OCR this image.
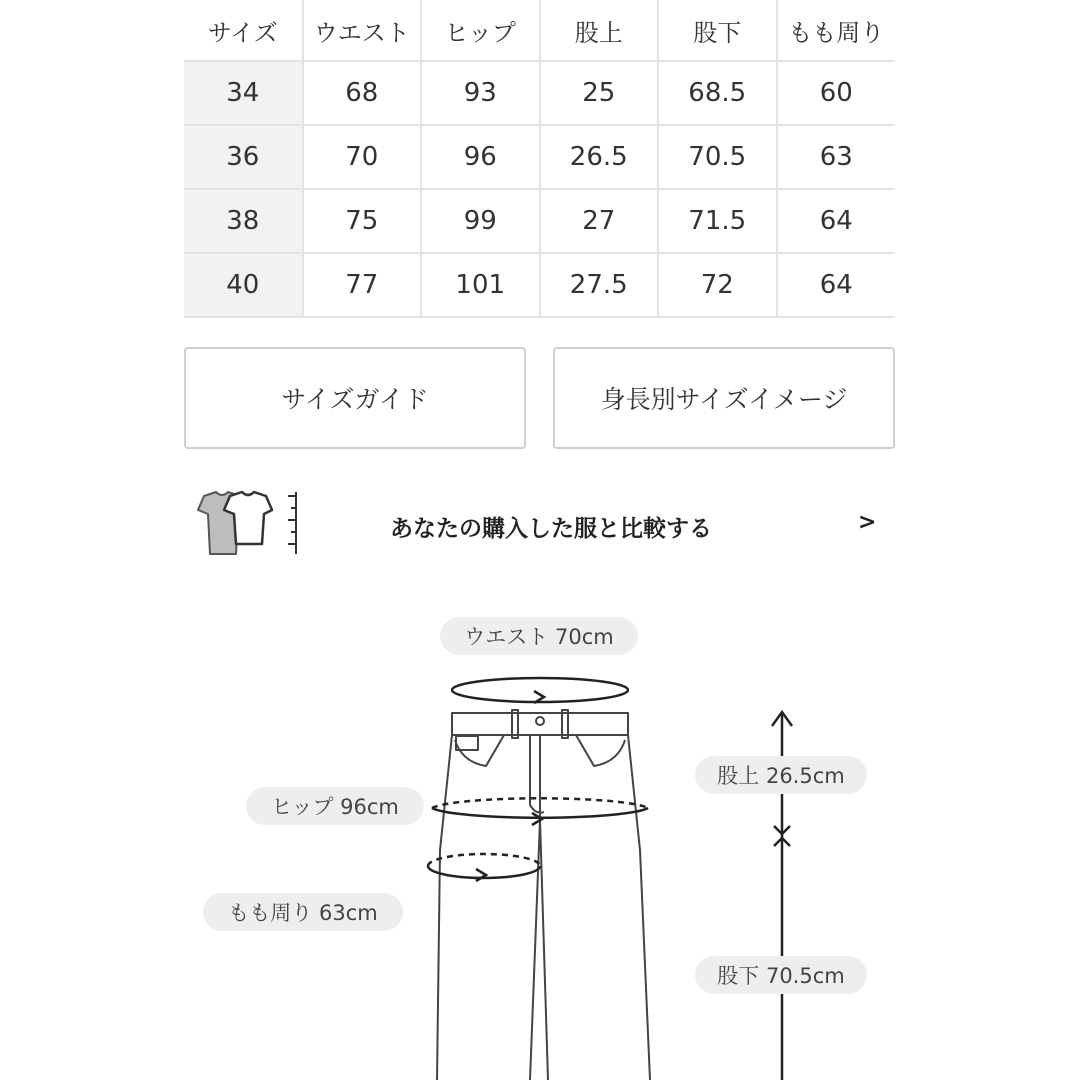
サイズ	ウエスト	ヒップ	股上	股下	もも周り
34	68	93	25	68.5	60
36	70	96	26.5	70.5	63
38	75	99	27	71.5	64
40	77	101	27.5	72	64
サイズガイド	身長別サイズイメージ
あなたの購入した服と比較する	>
ウエスト 70cm
ヒップ 96cm
もも周り 63cm
股上 26.5cm
股下 70.5cm
